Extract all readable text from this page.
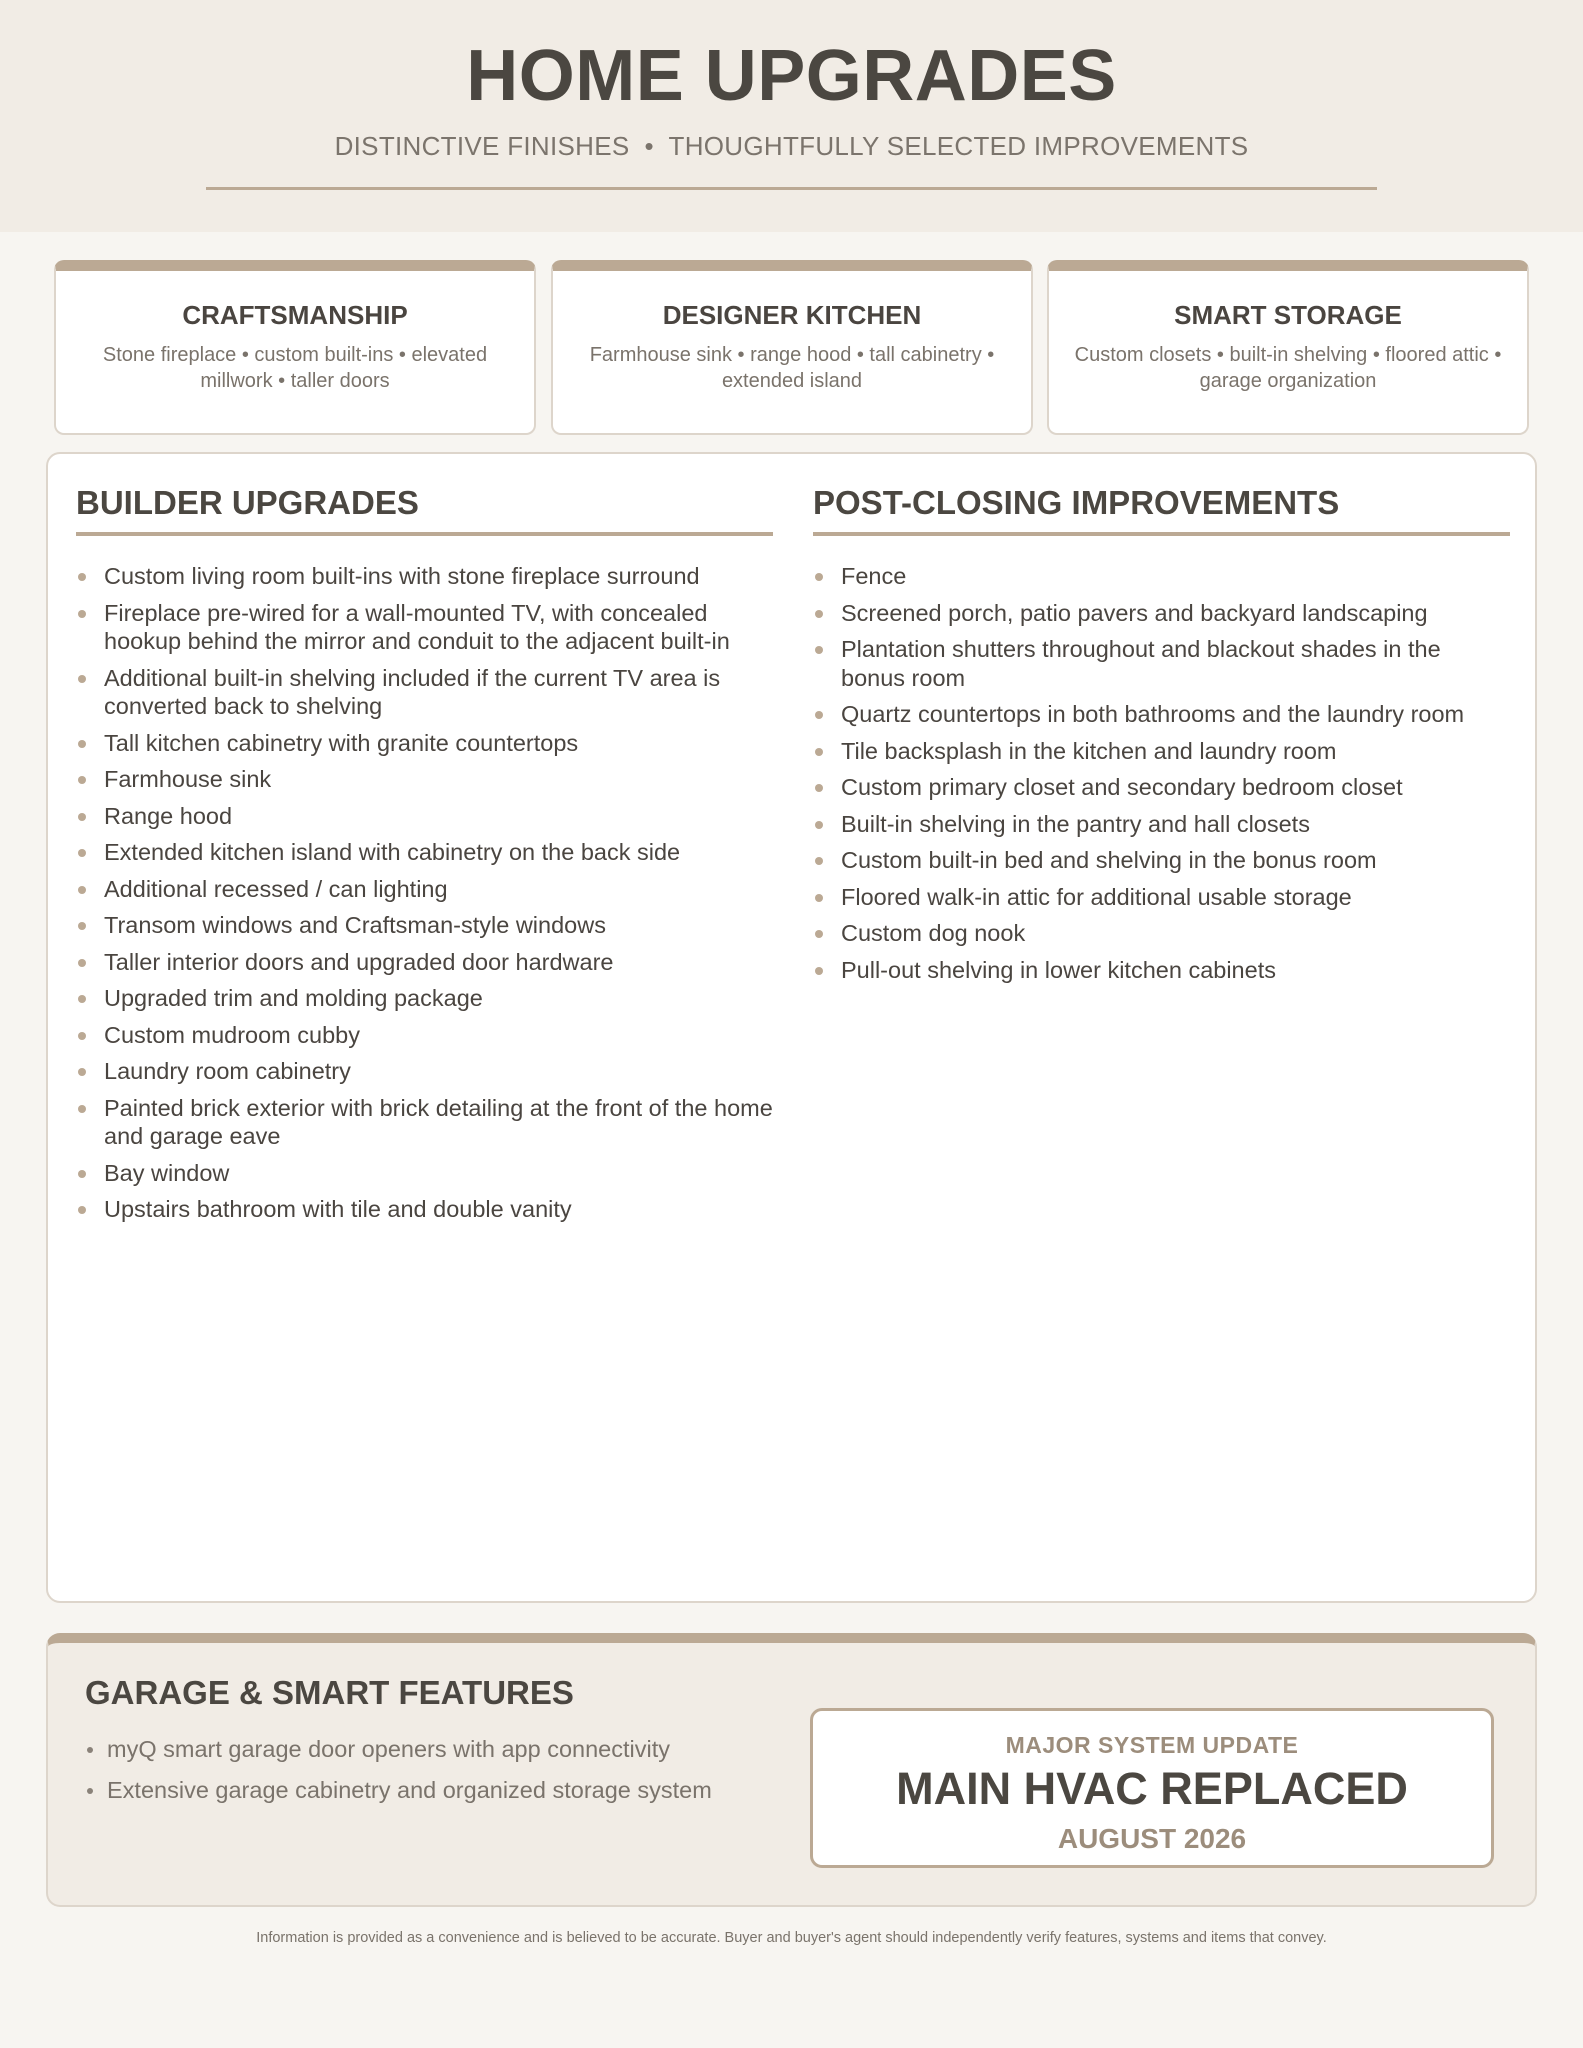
HOME UPGRADES
DISTINCTIVE FINISHES  •  THOUGHTFULLY SELECTED IMPROVEMENTS
CRAFTSMANSHIP

Stone fireplace • custom built-ins • elevated millwork • taller doors

DESIGNER KITCHEN

Farmhouse sink • range hood • tall cabinetry • extended island

SMART STORAGE

Custom closets • built-in shelving • floored attic • garage organization

BUILDER UPGRADES
Custom living room built-ins with stone fireplace surround
Fireplace pre-wired for a wall-mounted TV, with concealed hookup behind the mirror and conduit to the adjacent built-in
Additional built-in shelving included if the current TV area is converted back to shelving
Tall kitchen cabinetry with granite countertops
Farmhouse sink
Range hood
Extended kitchen island with cabinetry on the back side
Additional recessed / can lighting
Transom windows and Craftsman-style windows
Taller interior doors and upgraded door hardware
Upgraded trim and molding package
Custom mudroom cubby
Laundry room cabinetry
Painted brick exterior with brick detailing at the front of the home and garage eave
Bay window
Upstairs bathroom with tile and double vanity
POST-CLOSING IMPROVEMENTS
Fence
Screened porch, patio pavers and backyard landscaping
Plantation shutters throughout and blackout shades in the bonus room
Quartz countertops in both bathrooms and the laundry room
Tile backsplash in the kitchen and laundry room
Custom primary closet and secondary bedroom closet
Built-in shelving in the pantry and hall closets
Custom built-in bed and shelving in the bonus room
Floored walk-in attic for additional usable storage
Custom dog nook
Pull-out shelving in lower kitchen cabinets
GARAGE & SMART FEATURES
myQ smart garage door openers with app connectivity
Extensive garage cabinetry and organized storage system
MAJOR SYSTEM UPDATE
MAIN HVAC REPLACED
AUGUST 2026
Information is provided as a convenience and is believed to be accurate. Buyer and buyer's agent should independently verify features, systems and items that convey.
